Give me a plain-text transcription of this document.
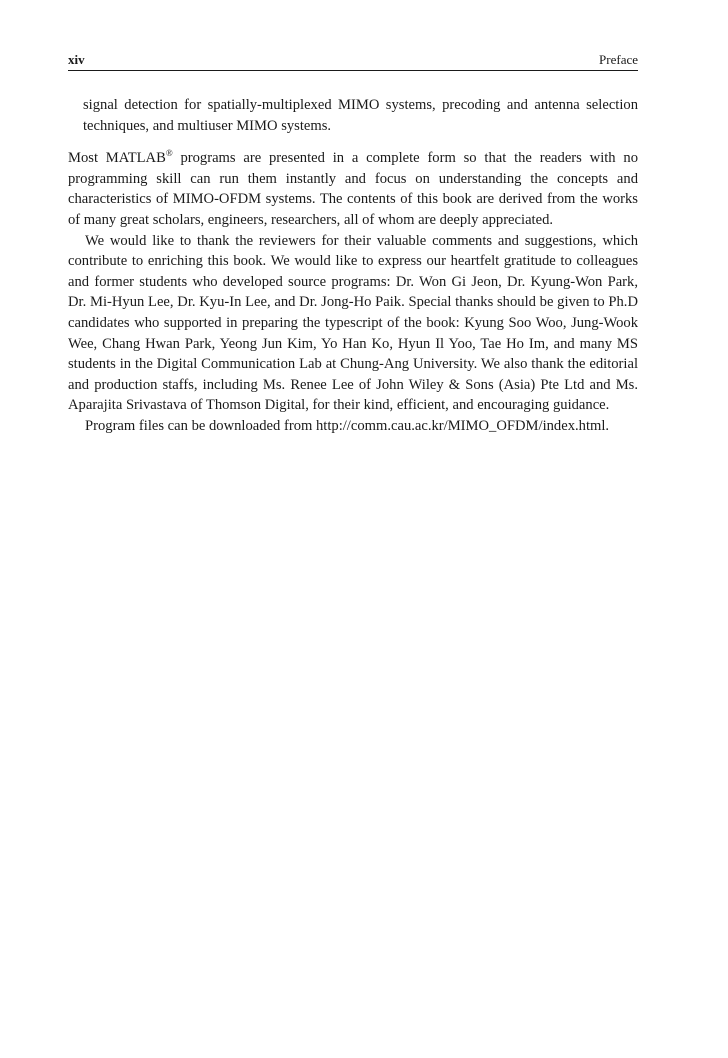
xiv	Preface

signal detection for spatially-multiplexed MIMO systems, precoding and antenna selection techniques, and multiuser MIMO systems.

Most MATLAB® programs are presented in a complete form so that the readers with no programming skill can run them instantly and focus on understanding the concepts and characteristics of MIMO-OFDM systems. The contents of this book are derived from the works of many great scholars, engineers, researchers, all of whom are deeply appreciated.

We would like to thank the reviewers for their valuable comments and suggestions, which contribute to enriching this book. We would like to express our heartfelt gratitude to colleagues and former students who developed source programs: Dr. Won Gi Jeon, Dr. Kyung-Won Park, Dr. Mi-Hyun Lee, Dr. Kyu-In Lee, and Dr. Jong-Ho Paik. Special thanks should be given to Ph.D candidates who supported in preparing the typescript of the book: Kyung Soo Woo, Jung-Wook Wee, Chang Hwan Park, Yeong Jun Kim, Yo Han Ko, Hyun Il Yoo, Tae Ho Im, and many MS students in the Digital Communication Lab at Chung-Ang University. We also thank the editorial and production staffs, including Ms. Renee Lee of John Wiley & Sons (Asia) Pte Ltd and Ms. Aparajita Srivastava of Thomson Digital, for their kind, efficient, and encouraging guidance.

Program files can be downloaded from http://comm.cau.ac.kr/MIMO_OFDM/index.html.
